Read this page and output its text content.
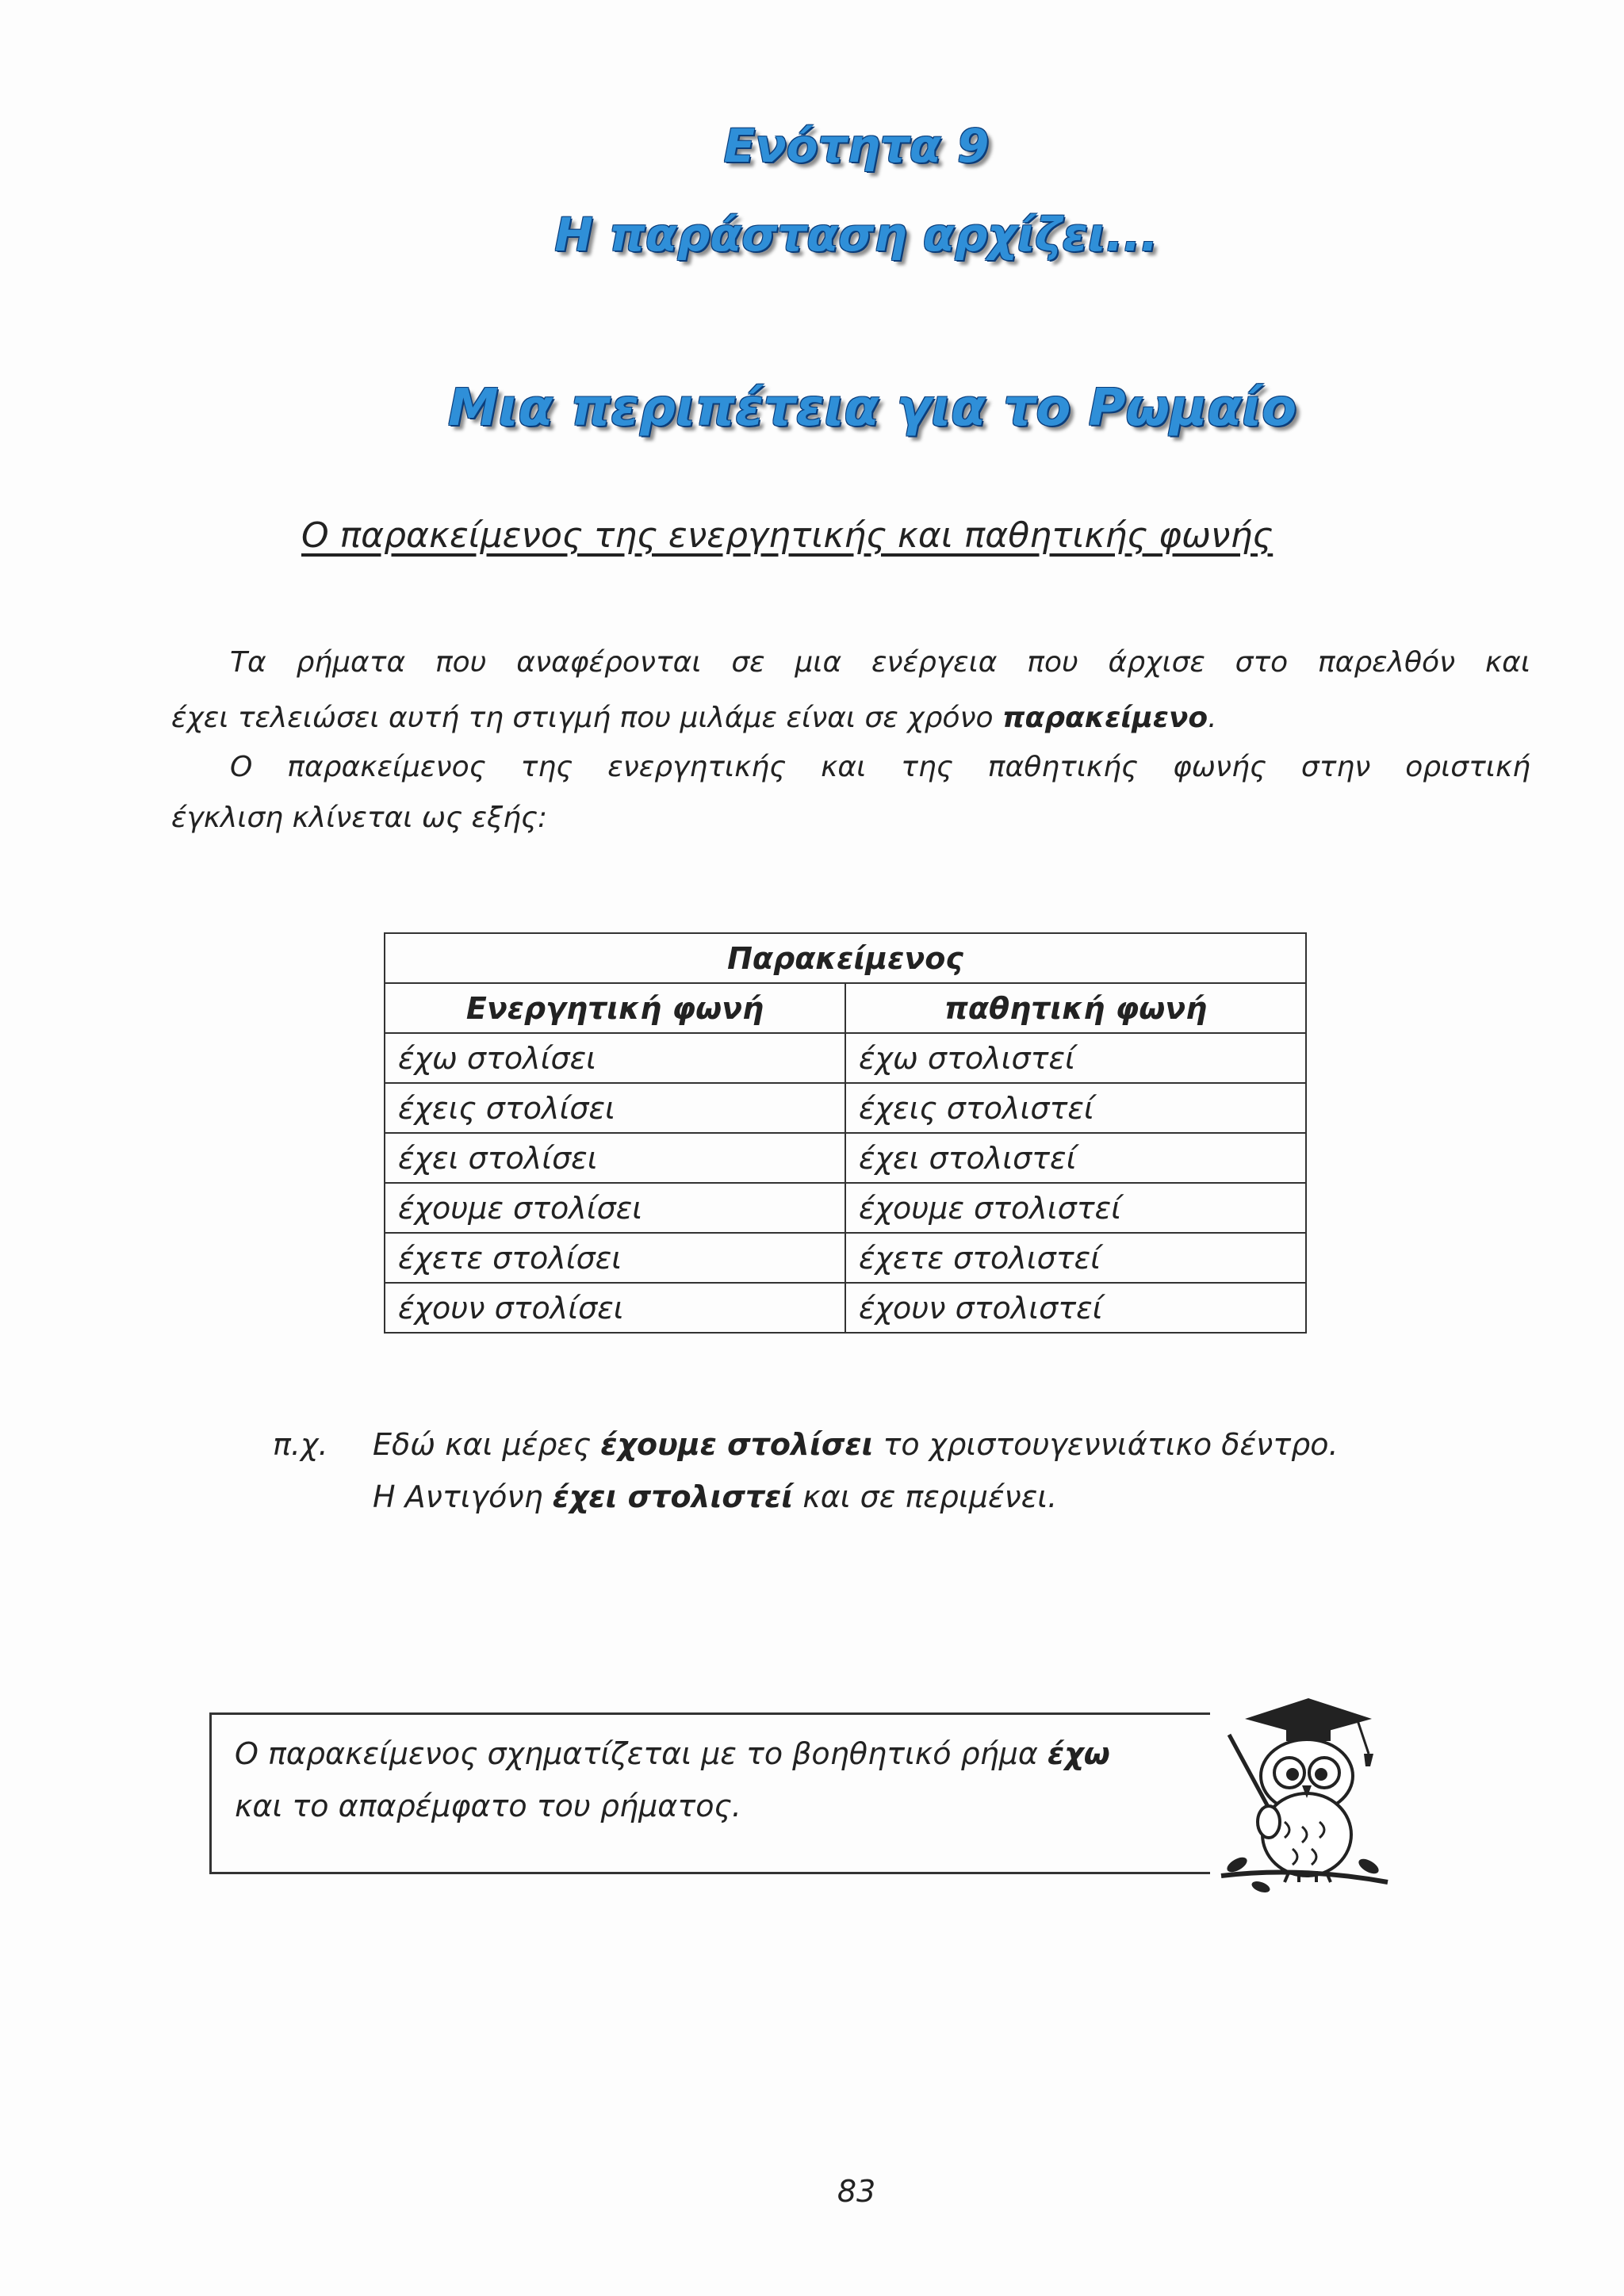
Ενότητα 9
Η παράσταση αρχίζει...
Μια περιπέτεια για το Ρωμαίο
Ο παρακείμενος της ενεργητικής και παθητικής φωνής
Τα ρήματα που αναφέρονται σε μια ενέργεια που άρχισε στο παρελθόν και
έχει τελειώσει αυτή τη στιγμή που μιλάμε είναι σε χρόνο παρακείμενο.
Ο παρακείμενος της ενεργητικής και της παθητικής φωνής στην οριστική
έγκλιση κλίνεται ως εξής:
Παρακείμενος	
Ενεργητική φωνή	παθητική φωνή
έχω στολίσει	έχω στολιστεί
έχεις στολίσει	έχεις στολιστεί
έχει στολίσει	έχει στολιστεί
έχουμε στολίσει	έχουμε στολιστεί
έχετε στολίσει	έχετε στολιστεί
έχουν στολίσει	έχουν στολιστεί
π.χ. Εδώ και μέρες έχουμε στολίσει το χριστουγεννιάτικο δέντρο.
Η Αντιγόνη έχει στολιστεί και σε περιμένει.
Ο παρακείμενος σχηματίζεται με το βοηθητικό ρήμα έχω
και το απαρέμφατο του ρήματος.
83
